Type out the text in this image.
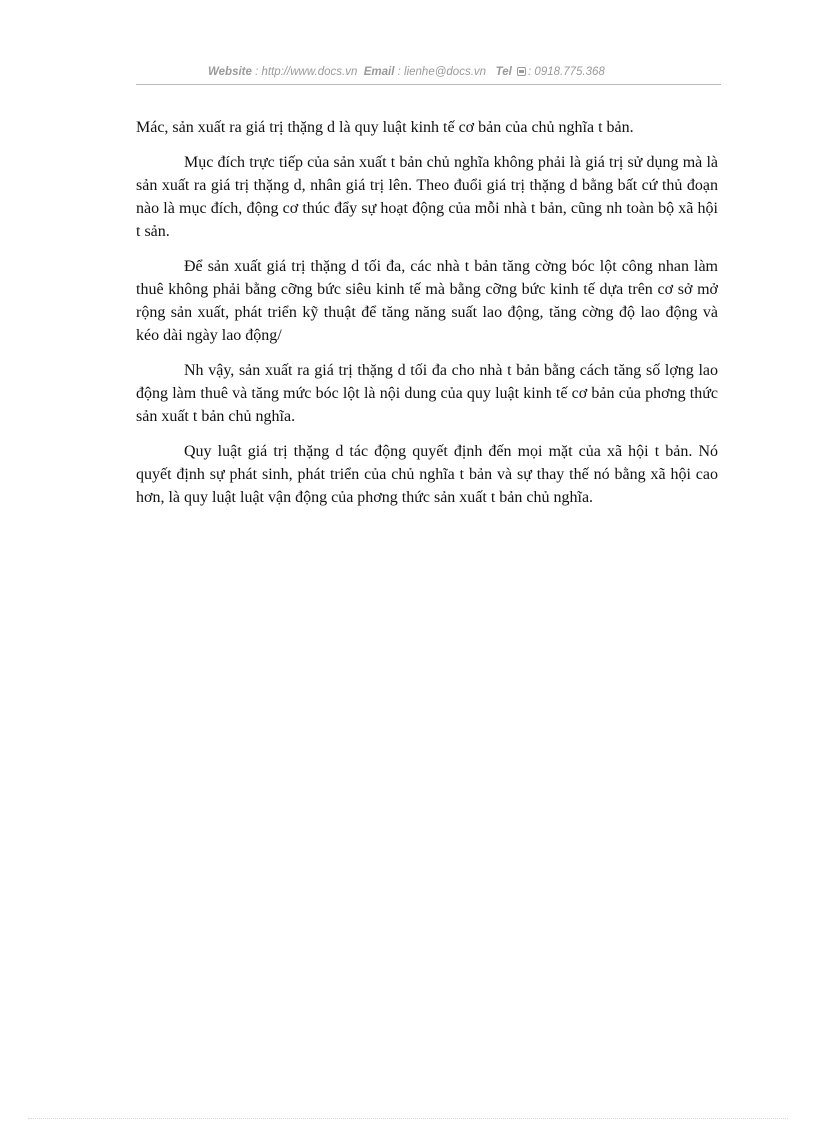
Website : http://www.docs.vn Email : lienhe@docs.vn Tel : 0918.775.368

Mác, sản xuất ra giá trị thặng d là quy luật kinh tế cơ bản của chủ nghĩa t bản.

Mục đích trực tiếp của sản xuất t bản chủ nghĩa không phải là giá trị sử dụng mà là sản xuất ra giá trị thặng d, nhân giá trị lên. Theo đuổi giá trị thặng d bằng bất cứ thủ đoạn nào là mục đích, động cơ thúc đẩy sự hoạt động của mỗi nhà t bản, cũng nh toàn bộ xã hội t sản.

Để sản xuất giá trị thặng d tối đa, các nhà t bản tăng cờng bóc lột công nhan làm thuê không phải bằng cỡng bức siêu kinh tế mà bằng cỡng bức kinh tế dựa trên cơ sở mở rộng sản xuất, phát triển kỹ thuật để tăng năng suất lao động, tăng cờng độ lao động và kéo dài ngày lao động/

Nh vậy, sản xuất ra giá trị thặng d tối đa cho nhà t bản bằng cách tăng số lợng lao động làm thuê và tăng mức bóc lột là nội dung của quy luật kinh tế cơ bản của phơng thức sản xuất t bản chủ nghĩa.

Quy luật giá trị thặng d tác động quyết định đến mọi mặt của xã hội t bản. Nó quyết định sự phát sinh, phát triển của chủ nghĩa t bản và sự thay thế nó bằng xã hội cao hơn, là quy luật luật vận động của phơng thức sản xuất t bản chủ nghĩa.
